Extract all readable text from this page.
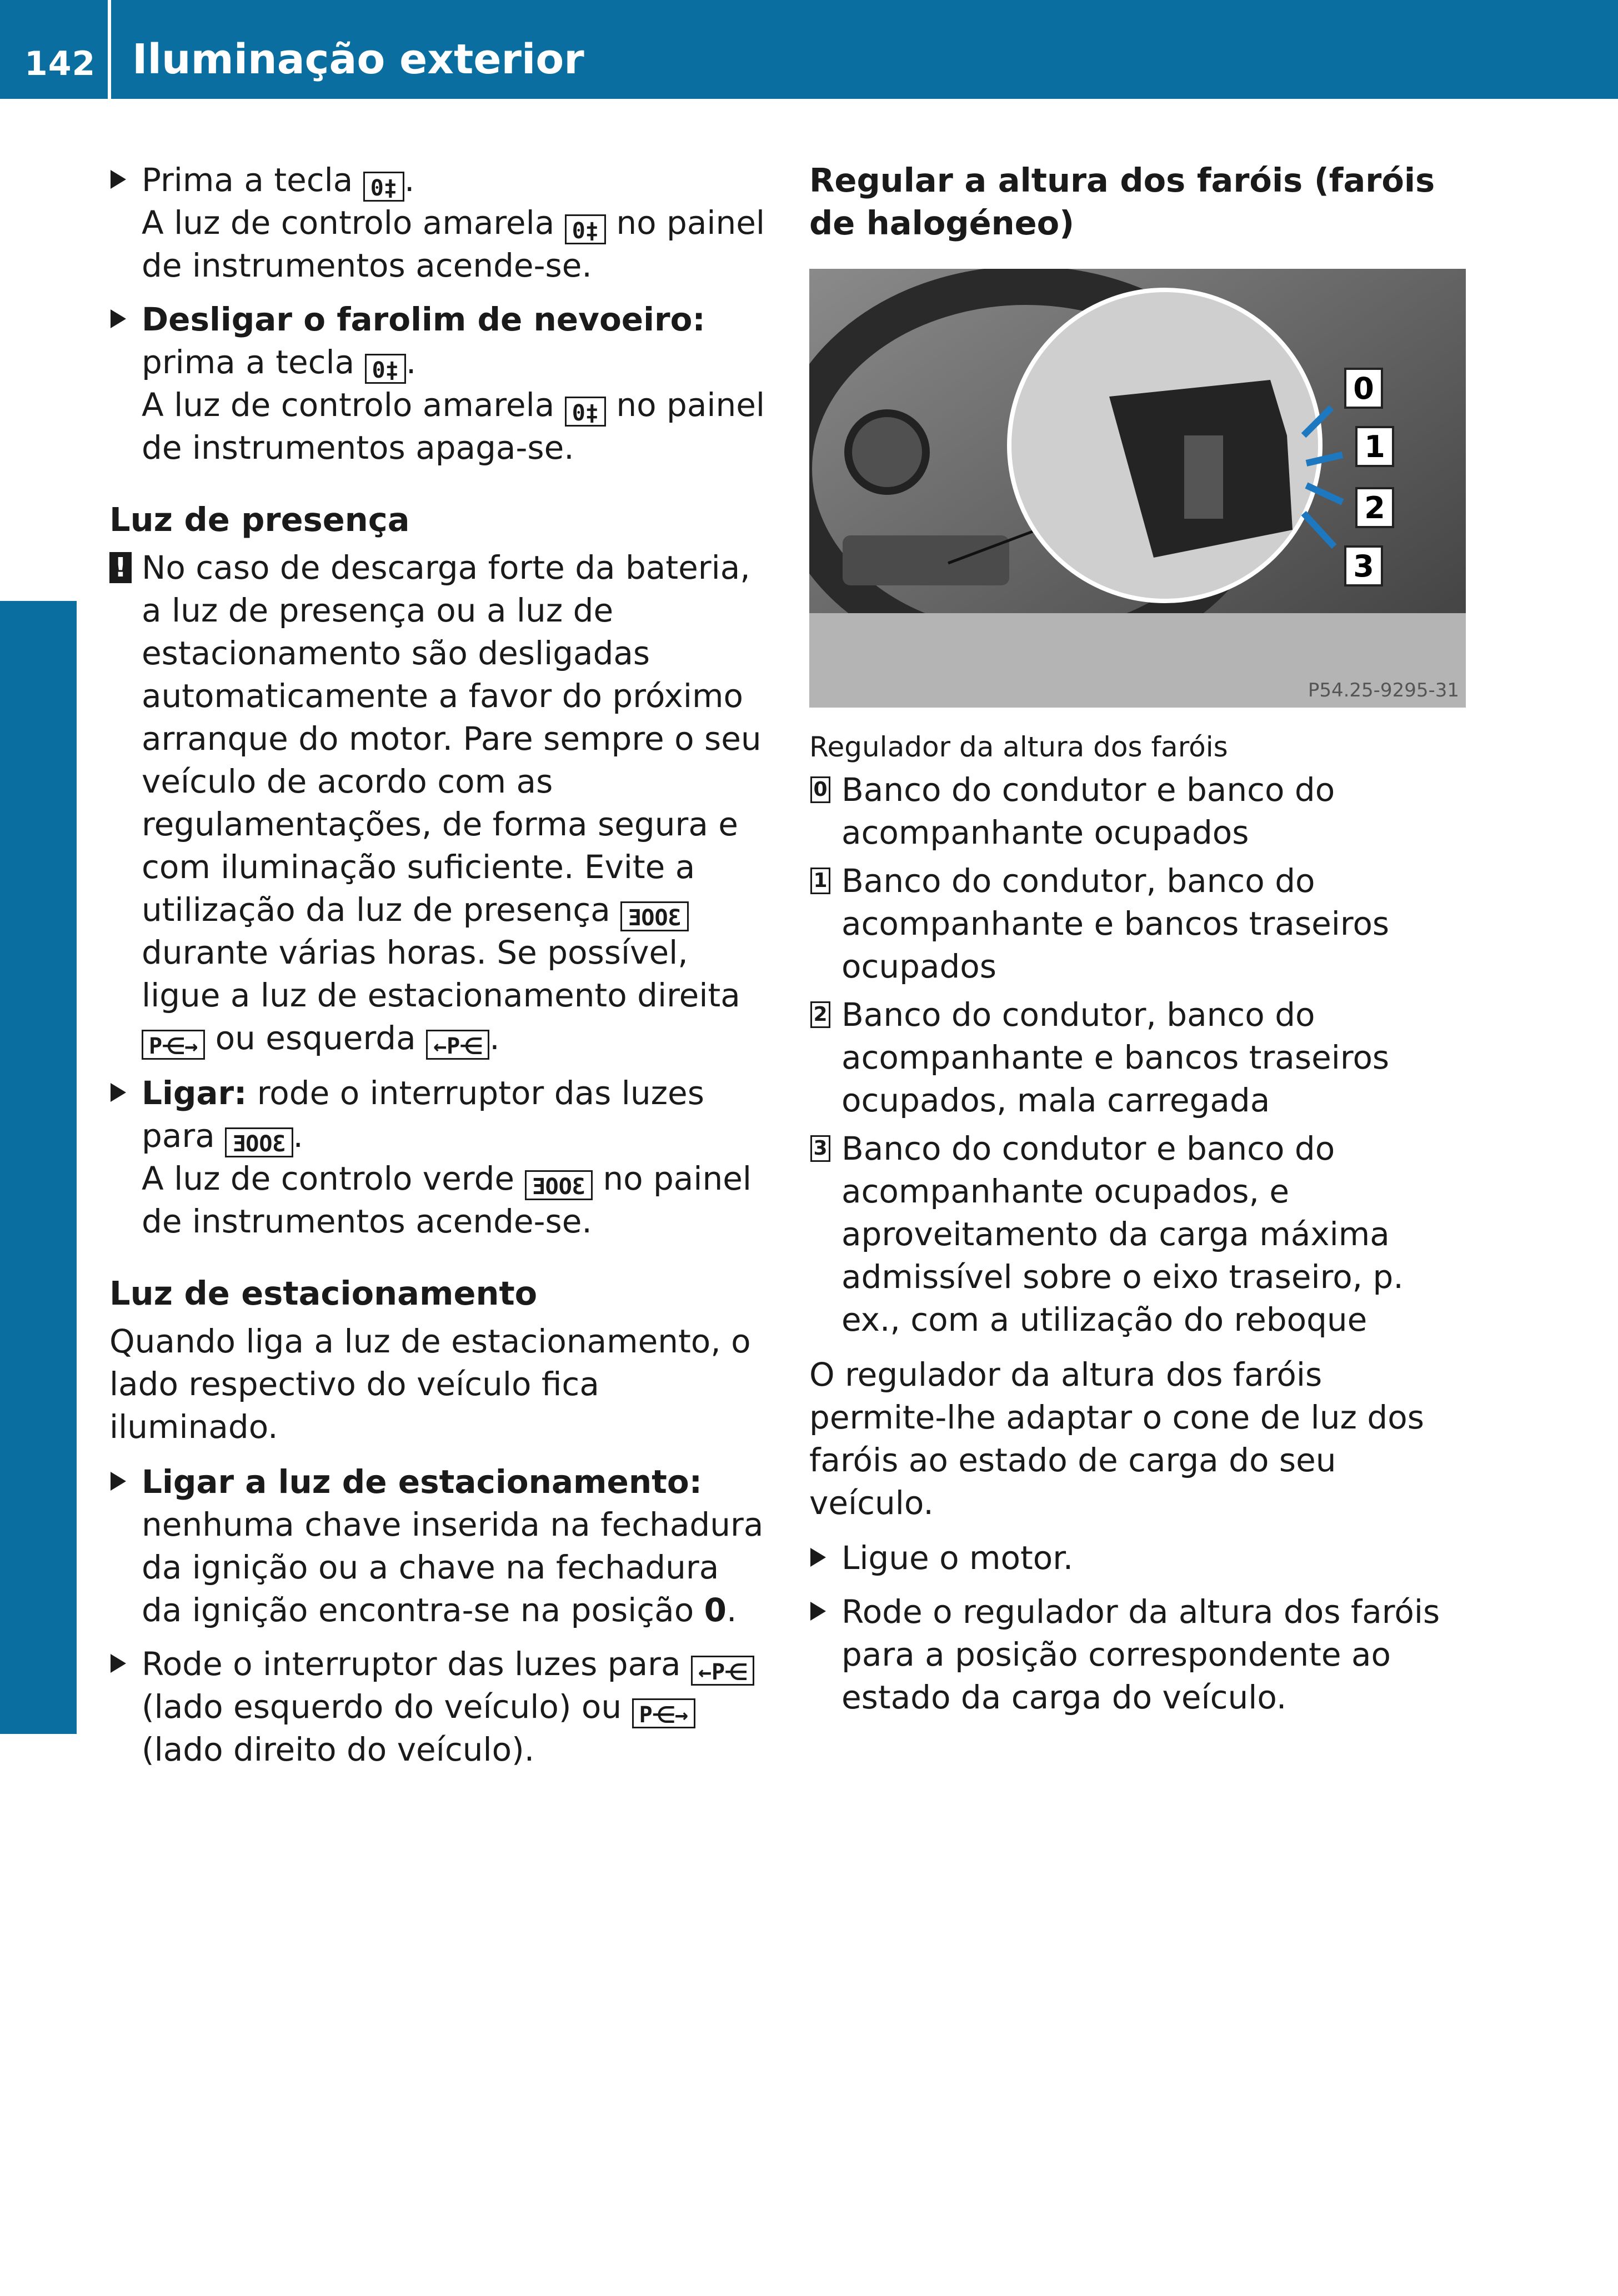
142 Iluminação exterior
Luzes e limpa-vidros
Prima a tecla 0‡ .
A luz de controlo amarela 0‡ no painel de instrumentos acende-se.
Desligar o farolim de nevoeiro: prima a tecla 0‡ .
A luz de controlo amarela 0‡ no painel de instrumentos apaga-se.
Luz de presença
! No caso de descarga forte da bateria, a luz de presença ou a luz de estacionamento são desligadas automaticamente a favor do próximo arranque do motor. Pare sempre o seu veículo de acordo com as regulamentações, de forma segura e com iluminação suficiente. Evite a utilização da luz de presença ƎOOƐ durante várias horas. Se possível, ligue a luz de estacionamento direita P⋲→ ou esquerda ←P⋲ .
Ligar: rode o interruptor das luzes para ƎOOƐ .
A luz de controlo verde ƎOOƐ no painel de instrumentos acende-se.
Luz de estacionamento
Quando liga a luz de estacionamento, o lado respectivo do veículo fica iluminado.
Ligar a luz de estacionamento: nenhuma chave inserida na fechadura da ignição ou a chave na fechadura da ignição encontra-se na posição 0.
Rode o interruptor das luzes para ←P⋲ (lado esquerdo do veículo) ou P⋲→ (lado direito do veículo).
Regular a altura dos faróis (faróis de halogéneo)
0
1
2
3
P54.25-9295-31
Regulador da altura dos faróis
0 Banco do condutor e banco do acompanhante ocupados
1 Banco do condutor, banco do acompanhante e bancos traseiros ocupados
2 Banco do condutor, banco do acompanhante e bancos traseiros ocupados, mala carregada
3 Banco do condutor e banco do acompanhante ocupados, e aproveitamento da carga máxima admissível sobre o eixo traseiro, p. ex., com a utilização do reboque
O regulador da altura dos faróis permite-lhe adaptar o cone de luz dos faróis ao estado de carga do seu veículo.
Ligue o motor.
Rode o regulador da altura dos faróis para a posição correspondente ao estado da carga do veículo.
